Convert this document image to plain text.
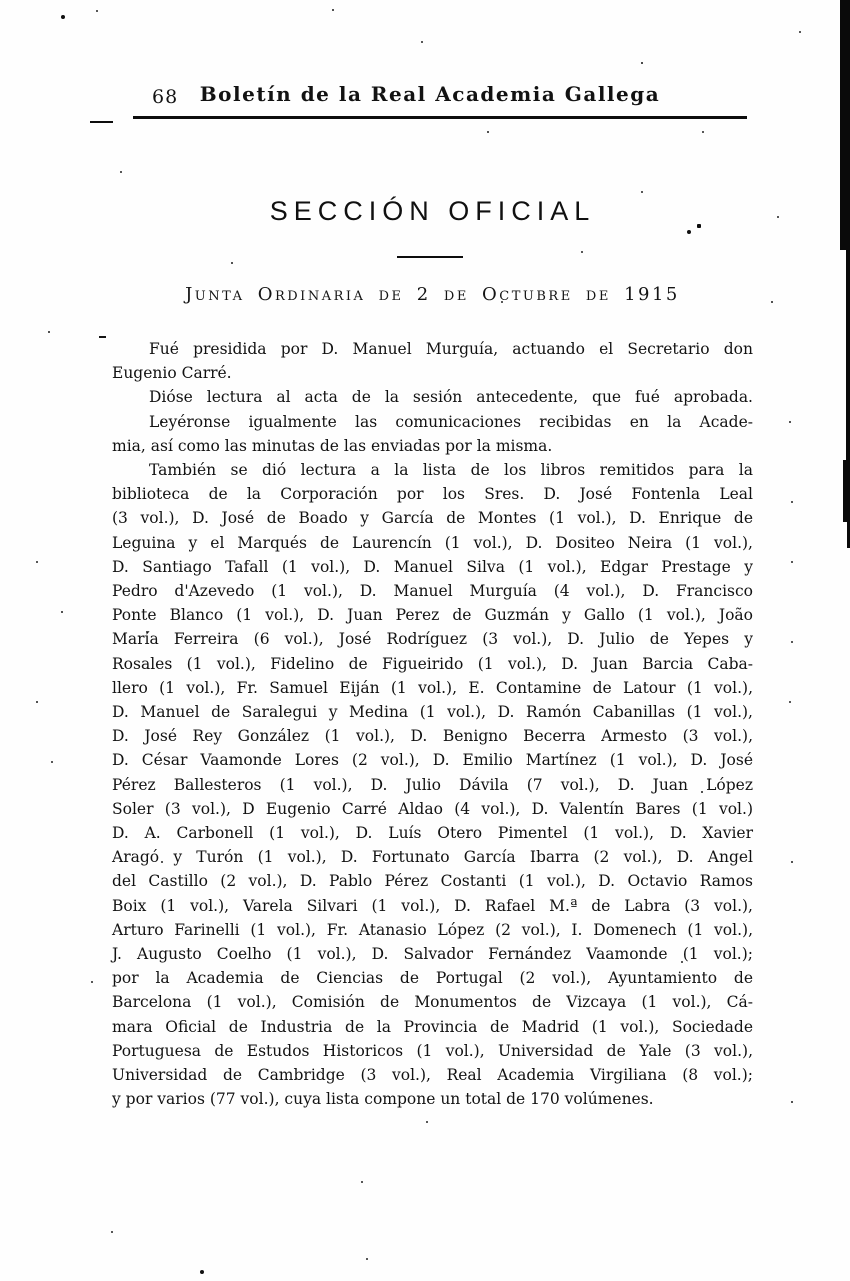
68	Boletín de la Real Academia Gallega
SECCIÓN OFICIAL
Junta Ordinaria de 2 de Octubre de 1915
Fué presidida por D. Manuel Murguía, actuando el Secretario don
Eugenio Carré.
Dióse lectura al acta de la sesión antecedente, que fué aprobada.
Leyéronse igualmente las comunicaciones recibidas en la Acade-
mia, así como las minutas de las enviadas por la misma.
También se dió lectura a la lista de los libros remitidos para la
biblioteca de la Corporación por los Sres. D. José Fontenla Leal
(3 vol.), D. José de Boado y García de Montes (1 vol.), D. Enrique de
Leguina y el Marqués de Laurencín (1 vol.), D. Dositeo Neira (1 vol.),
D. Santiago Tafall (1 vol.), D. Manuel Silva (1 vol.), Edgar Prestage y
Pedro d'Azevedo (1 vol.), D. Manuel Murguía (4 vol.), D. Francisco
Ponte Blanco (1 vol.), D. Juan Perez de Guzmán y Gallo (1 vol.), João
María Ferreira (6 vol.), José Rodríguez (3 vol.), D. Julio de Yepes y
Rosales (1 vol.), Fidelino de Figueirido (1 vol.), D. Juan Barcia Caba-
llero (1 vol.), Fr. Samuel Eiján (1 vol.), E. Contamine de Latour (1 vol.),
D. Manuel de Saralegui y Medina (1 vol.), D. Ramón Cabanillas (1 vol.),
D. José Rey González (1 vol.), D. Benigno Becerra Armesto (3 vol.),
D. César Vaamonde Lores (2 vol.), D. Emilio Martínez (1 vol.), D. José
Pérez Ballesteros (1 vol.), D. Julio Dávila (7 vol.), D. Juan López
Soler (3 vol.), D Eugenio Carré Aldao (4 vol.), D. Valentín Bares (1 vol.)
D. A. Carbonell (1 vol.), D. Luís Otero Pimentel (1 vol.), D. Xavier
Aragó y Turón (1 vol.), D. Fortunato García Ibarra (2 vol.), D. Angel
del Castillo (2 vol.), D. Pablo Pérez Costanti (1 vol.), D. Octavio Ramos
Boix (1 vol.), Varela Silvari (1 vol.), D. Rafael M.ª de Labra (3 vol.),
Arturo Farinelli (1 vol.), Fr. Atanasio López (2 vol.), I. Domenech (1 vol.),
J. Augusto Coelho (1 vol.), D. Salvador Fernández Vaamonde (1 vol.);
por la Academia de Ciencias de Portugal (2 vol.), Ayuntamiento de
Barcelona (1 vol.), Comisión de Monumentos de Vizcaya (1 vol.), Cá-
mara Oficial de Industria de la Provincia de Madrid (1 vol.), Sociedade
Portuguesa de Estudos Historicos (1 vol.), Universidad de Yale (3 vol.),
Universidad de Cambridge (3 vol.), Real Academia Virgiliana (8 vol.);
y por varios (77 vol.), cuya lista compone un total de 170 volúmenes.
